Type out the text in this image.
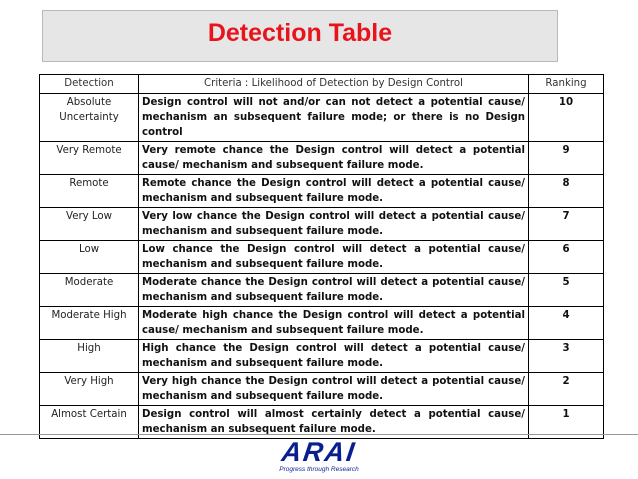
Detection Table
Detection	Criteria : Likelihood of Detection by Design Control	Ranking
Absolute Uncertainty	Design control will not and/or can not detect a potential cause/ mechanism an subsequent failure mode; or there is no Design control	10
Very Remote	Very remote chance the Design control will detect a potential cause/ mechanism and subsequent failure mode.	9
Remote	Remote chance the Design control will detect a potential cause/ mechanism and subsequent failure mode.	8
Very Low	Very low chance the Design control will detect a potential cause/ mechanism and subsequent failure mode.	7
Low	Low chance the Design control will detect a potential cause/ mechanism and subsequent failure mode.	6
Moderate	Moderate chance the Design control will detect a potential cause/ mechanism and subsequent failure mode.	5
Moderate High	Moderate high chance the Design control will detect a potential cause/ mechanism and subsequent failure mode.	4
High	High chance the Design control will detect a potential cause/ mechanism and subsequent failure mode.	3
Very High	Very high chance the Design control will detect a potential cause/ mechanism and subsequent failure mode.	2
Almost Certain	Design control will almost certainly detect a potential cause/ mechanism an subsequent failure mode.	1
ARAI
Progress through Research
